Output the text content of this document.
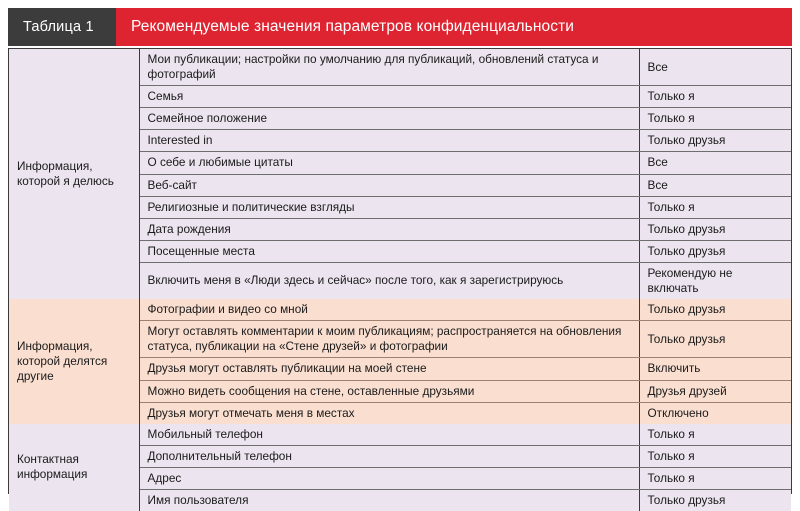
Таблица 1	Рекомендуемые значения параметров конфиденциальности
Информация, которой я делюсь	Мои публикации; настройки по умолчанию для публикаций, обновлений статуса и фотографий	Все
	Семья	Только я
	Семейное положение	Только я
	Interested in	Только друзья
	О себе и любимые цитаты	Все
	Веб-сайт	Все
	Религиозные и политические взгляды	Только я
	Дата рождения	Только друзья
	Посещенные места	Только друзья
	Включить меня в «Люди здесь и сейчас» после того, как я зарегистрируюсь	Рекомендую не включать
Информация, которой делятся другие	Фотографии и видео со мной	Только друзья
	Могут оставлять комментарии к моим публикациям; распространяется на обновления статуса, публикации на «Стене друзей» и фотографии	Только друзья
	Друзья могут оставлять публикации на моей стене	Включить
	Можно видеть сообщения на стене, оставленные друзьями	Друзья друзей
	Друзья могут отмечать меня в местах	Отключено
Контактная информация	Мобильный телефон	Только я
	Дополнительный телефон	Только я
	Адрес	Только я
	Имя пользователя	Только друзья
